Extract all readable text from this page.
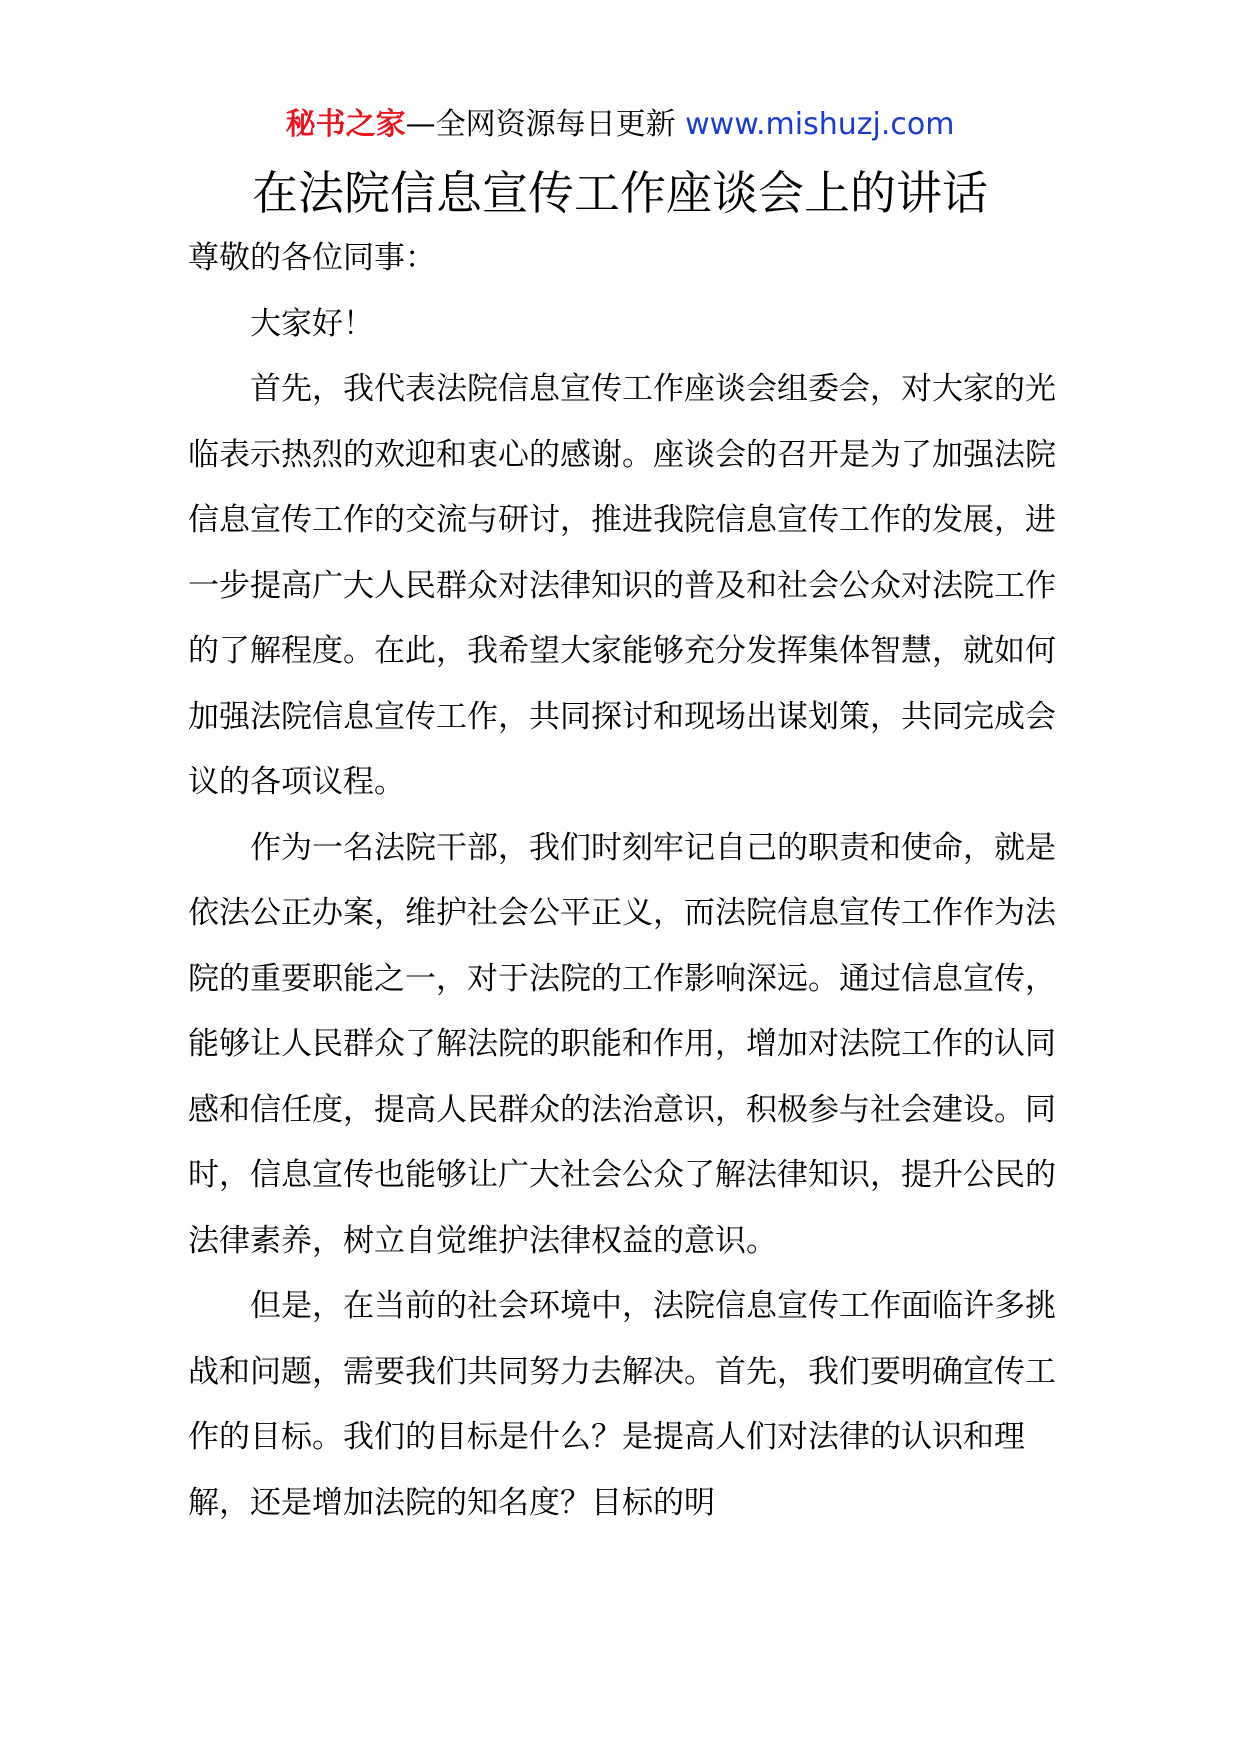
秘书之家—全网资源每日更新 www.mishuzj.com
在法院信息宣传工作座谈会上的讲话

尊敬的各位同事：

大家好！

首先，我代表法院信息宣传工作座谈会组委会，对大家的光临表示热烈的欢迎和衷心的感谢。座谈会的召开是为了加强法院信息宣传工作的交流与研讨，推进我院信息宣传工作的发展，进一步提高广大人民群众对法律知识的普及和社会公众对法院工作的了解程度。在此，我希望大家能够充分发挥集体智慧，就如何加强法院信息宣传工作，共同探讨和现场出谋划策，共同完成会议的各项议程。

作为一名法院干部，我们时刻牢记自己的职责和使命，就是依法公正办案，维护社会公平正义，而法院信息宣传工作作为法院的重要职能之一，对于法院的工作影响深远。通过信息宣传，能够让人民群众了解法院的职能和作用，增加对法院工作的认同感和信任度，提高人民群众的法治意识，积极参与社会建设。同时，信息宣传也能够让广大社会公众了解法律知识，提升公民的法律素养，树立自觉维护法律权益的意识。

但是，在当前的社会环境中，法院信息宣传工作面临许多挑战和问题，需要我们共同努力去解决。首先，我们要明确宣传工作的目标。我们的目标是什么？是提高人们对法律的认识和理解，还是增加法院的知名度？目标的明
